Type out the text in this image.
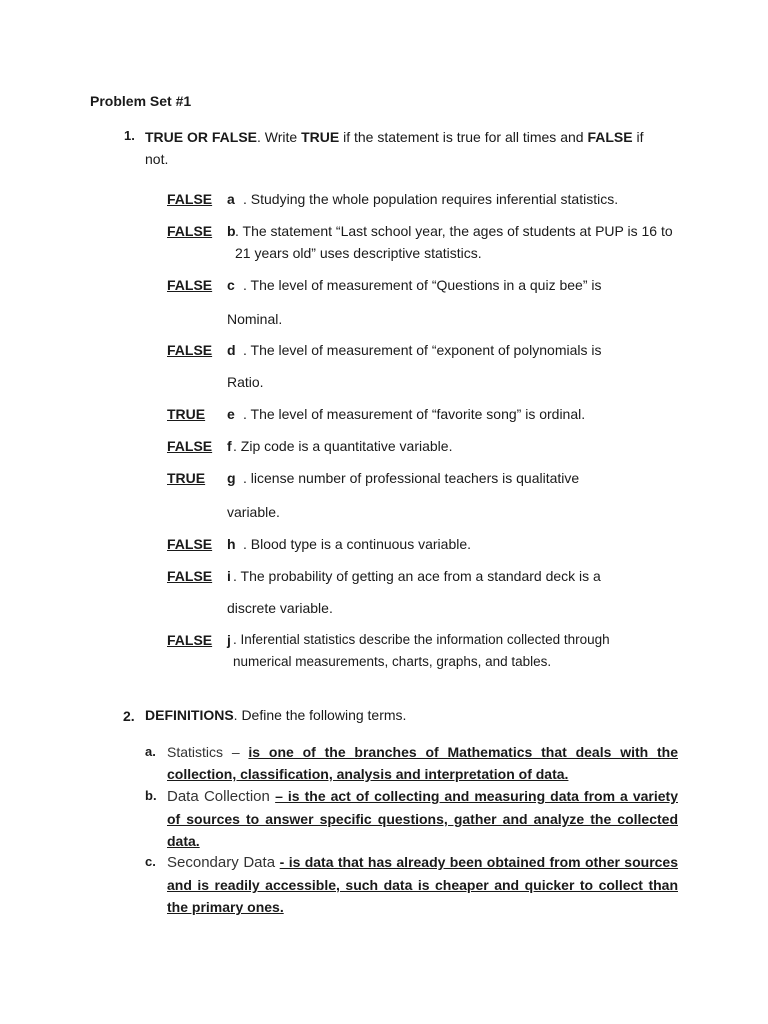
Problem Set #1
1. TRUE OR FALSE. Write TRUE if the statement is true for all times and FALSE if not.
FALSE a . Studying the whole population requires inferential statistics.
FALSE b . The statement “Last school year, the ages of students at PUP is 16 to 21 years old” uses descriptive statistics.
FALSE c . The level of measurement of “Questions in a quiz bee” is
Nominal.
FALSE d . The level of measurement of “exponent of polynomials is
Ratio.
TRUE e . The level of measurement of “favorite song” is ordinal.
FALSE f . Zip code is a quantitative variable.
TRUE g . license number of professional teachers is qualitative
variable.
FALSE h . Blood type is a continuous variable.
FALSE i . The probability of getting an ace from a standard deck is a
discrete variable.
FALSE j . Inferential statistics describe the information collected through numerical measurements, charts, graphs, and tables.
2. DEFINITIONS. Define the following terms.
a. Statistics – is one of the branches of Mathematics that deals with the collection, classification, analysis and interpretation of data.
b. Data Collection – is the act of collecting and measuring data from a variety of sources to answer specific questions, gather and analyze the collected data.
c. Secondary Data - is data that has already been obtained from other sources and is readily accessible, such data is cheaper and quicker to collect than the primary ones.
